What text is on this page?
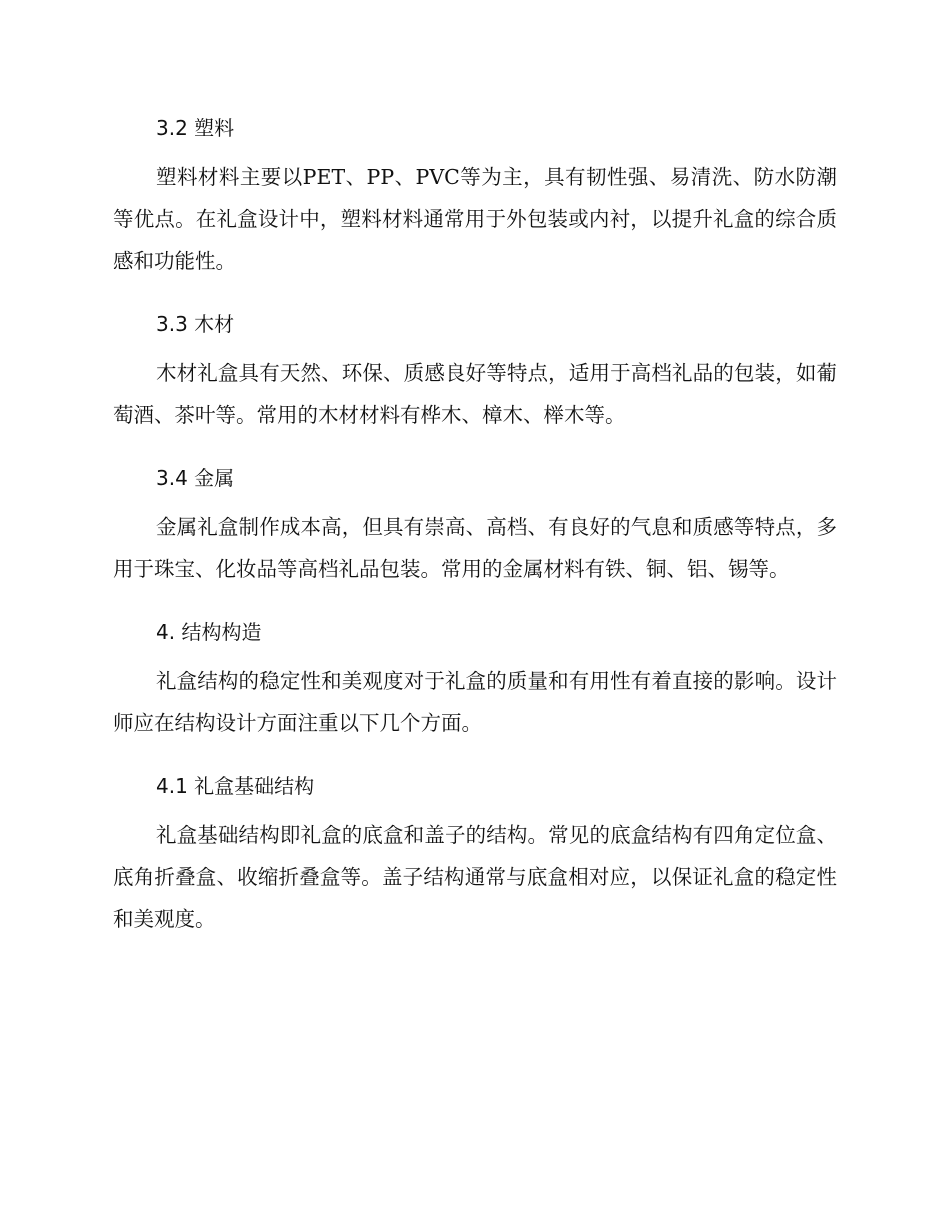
3.2 塑料

塑料材料主要以PET、PP、PVC等为主，具有韧性强、易清洗、防水防潮等优点。在礼盒设计中，塑料材料通常用于外包装或内衬，以提升礼盒的综合质感和功能性。

3.3 木材

木材礼盒具有天然、环保、质感良好等特点，适用于高档礼品的包装，如葡萄酒、茶叶等。常用的木材材料有桦木、樟木、榉木等。

3.4 金属

金属礼盒制作成本高，但具有崇高、高档、有良好的气息和质感等特点，多用于珠宝、化妆品等高档礼品包装。常用的金属材料有铁、铜、铝、锡等。

4. 结构构造

礼盒结构的稳定性和美观度对于礼盒的质量和有用性有着直接的影响。设计师应在结构设计方面注重以下几个方面。

4.1 礼盒基础结构

礼盒基础结构即礼盒的底盒和盖子的结构。常见的底盒结构有四角定位盒、底角折叠盒、收缩折叠盒等。盖子结构通常与底盒相对应，以保证礼盒的稳定性和美观度。
